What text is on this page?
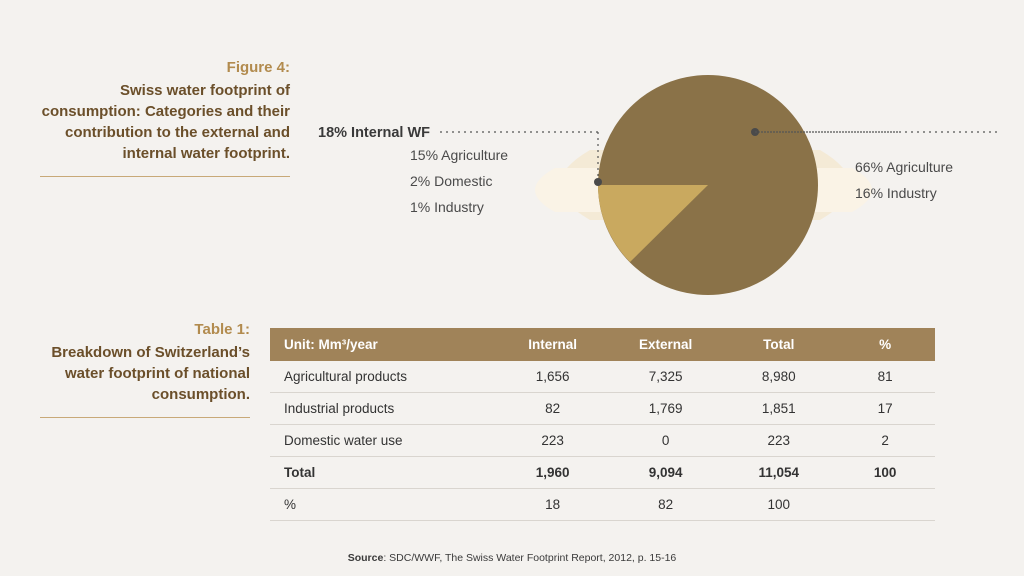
Figure 4:
Swiss water footprint of consumption: Categories and their contribution to the external and internal water footprint.
18% Internal WF
15% Agriculture
2% Domestic
1% Industry
66% Agriculture
16% Industry
Table 1:
Breakdown of Switzerland’s water footprint of national consumption.
Unit: Mm³/year	Internal	External	Total	%
Agricultural products	1,656	7,325	8,980	81
Industrial products	82	1,769	1,851	17
Domestic water use	223	0	223	2
Total	1,960	9,094	11,054	100
%	18	82	100	
Source: SDC/WWF, The Swiss Water Footprint Report, 2012, p. 15-16
